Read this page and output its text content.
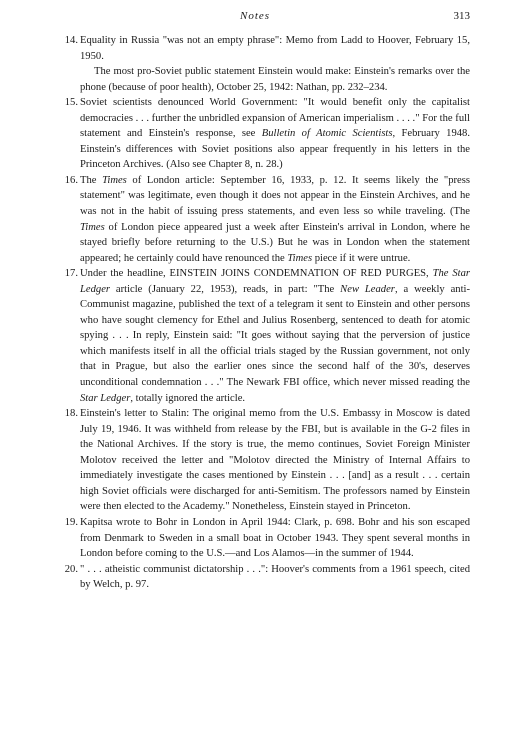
Notes	313
14 . Equality in Russia "was not an empty phrase": Memo from Ladd to Hoover, February 15, 1950.

The most pro-Soviet public statement Einstein would make: Einstein's remarks over the phone (because of poor health), October 25, 1942: Nathan, pp. 232–234.

15 . Soviet scientists denounced World Government: "It would benefit only the capitalist democracies . . . further the unbridled expansion of American imperialism . . . ." For the full statement and Einstein's response, see Bulletin of Atomic Scientists, February 1948. Einstein's differences with Soviet positions also appear frequently in his letters in the Princeton Archives. (Also see Chapter 8, n. 28.)

16 . The Times of London article: September 16, 1933, p. 12. It seems likely the "press statement" was legitimate, even though it does not appear in the Einstein Archives, and he was not in the habit of issuing press statements, and even less so while traveling. (The Times of London piece appeared just a week after Einstein's arrival in London, where he stayed briefly before returning to the U.S.) But he was in London when the statement appeared; he certainly could have renounced the Times piece if it were untrue.

17 . Under the headline, EINSTEIN JOINS CONDEMNATION OF RED PURGES, The Star Ledger article (January 22, 1953), reads, in part: "The New Leader, a weekly anti-Communist magazine, published the text of a telegram it sent to Einstein and other persons who have sought clemency for Ethel and Julius Rosenberg, sentenced to death for atomic spying . . . In reply, Einstein said: "It goes without saying that the perversion of justice which manifests itself in all the official trials staged by the Russian government, not only that in Prague, but also the earlier ones since the second half of the 30's, deserves unconditional condemnation . . ." The Newark FBI office, which never missed reading the Star Ledger, totally ignored the article.

18 . Einstein's letter to Stalin: The original memo from the U.S. Embassy in Moscow is dated July 19, 1946. It was withheld from release by the FBI, but is available in the G-2 files in the National Archives. If the story is true, the memo continues, Soviet Foreign Minister Molotov received the letter and "Molotov directed the Ministry of Internal Affairs to immediately investigate the cases mentioned by Einstein . . . [and] as a result . . . certain high Soviet officials were discharged for anti-Semitism. The professors named by Einstein were then elected to the Academy." Nonetheless, Einstein stayed in Princeton.

19 . Kapitsa wrote to Bohr in London in April 1944: Clark, p. 698. Bohr and his son escaped from Denmark to Sweden in a small boat in October 1943. They spent several months in London before coming to the U.S.—and Los Alamos—in the summer of 1944.

20 . " . . . atheistic communist dictatorship . . .": Hoover's comments from a 1961 speech, cited by Welch, p. 97.
